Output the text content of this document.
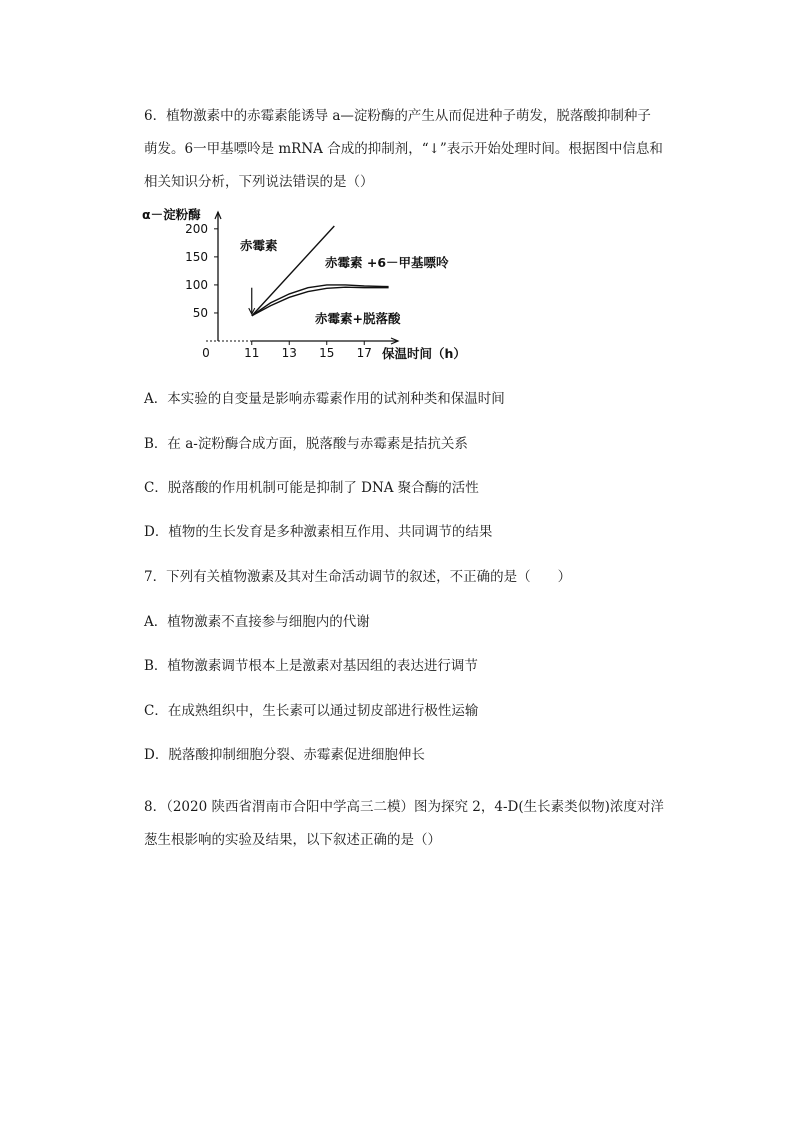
6．植物激素中的赤霉素能诱导 a—淀粉酶的产生从而促进种子萌发，脱落酸抑制种子萌发。6一甲基嘌呤是 mRNA 合成的抑制剂，“↓”表示开始处理时间。根据图中信息和相关知识分析，下列说法错误的是（）
50
100
150
200
11 13 15 17
0
赤霉素
赤霉素 +6－甲基嘌呤
赤霉素+脱落酸
α－淀粉酶
保温时间（h）
A．本实验的自变量是影响赤霉素作用的试剂种类和保温时间
B．在 a-淀粉酶合成方面，脱落酸与赤霉素是拮抗关系
C．脱落酸的作用机制可能是抑制了 DNA 聚合酶的活性
D．植物的生长发育是多种激素相互作用、共同调节的结果
7．下列有关植物激素及其对生命活动调节的叙述，不正确的是（　　）
A．植物激素不直接参与细胞内的代谢
B．植物激素调节根本上是激素对基因组的表达进行调节
C．在成熟组织中，生长素可以通过韧皮部进行极性运输
D．脱落酸抑制细胞分裂、赤霉素促进细胞伸长
8．（2020 陕西省渭南市合阳中学高三二模）图为探究 2，4-D(生长素类似物)浓度对洋葱生根影响的实验及结果，以下叙述正确的是（）
